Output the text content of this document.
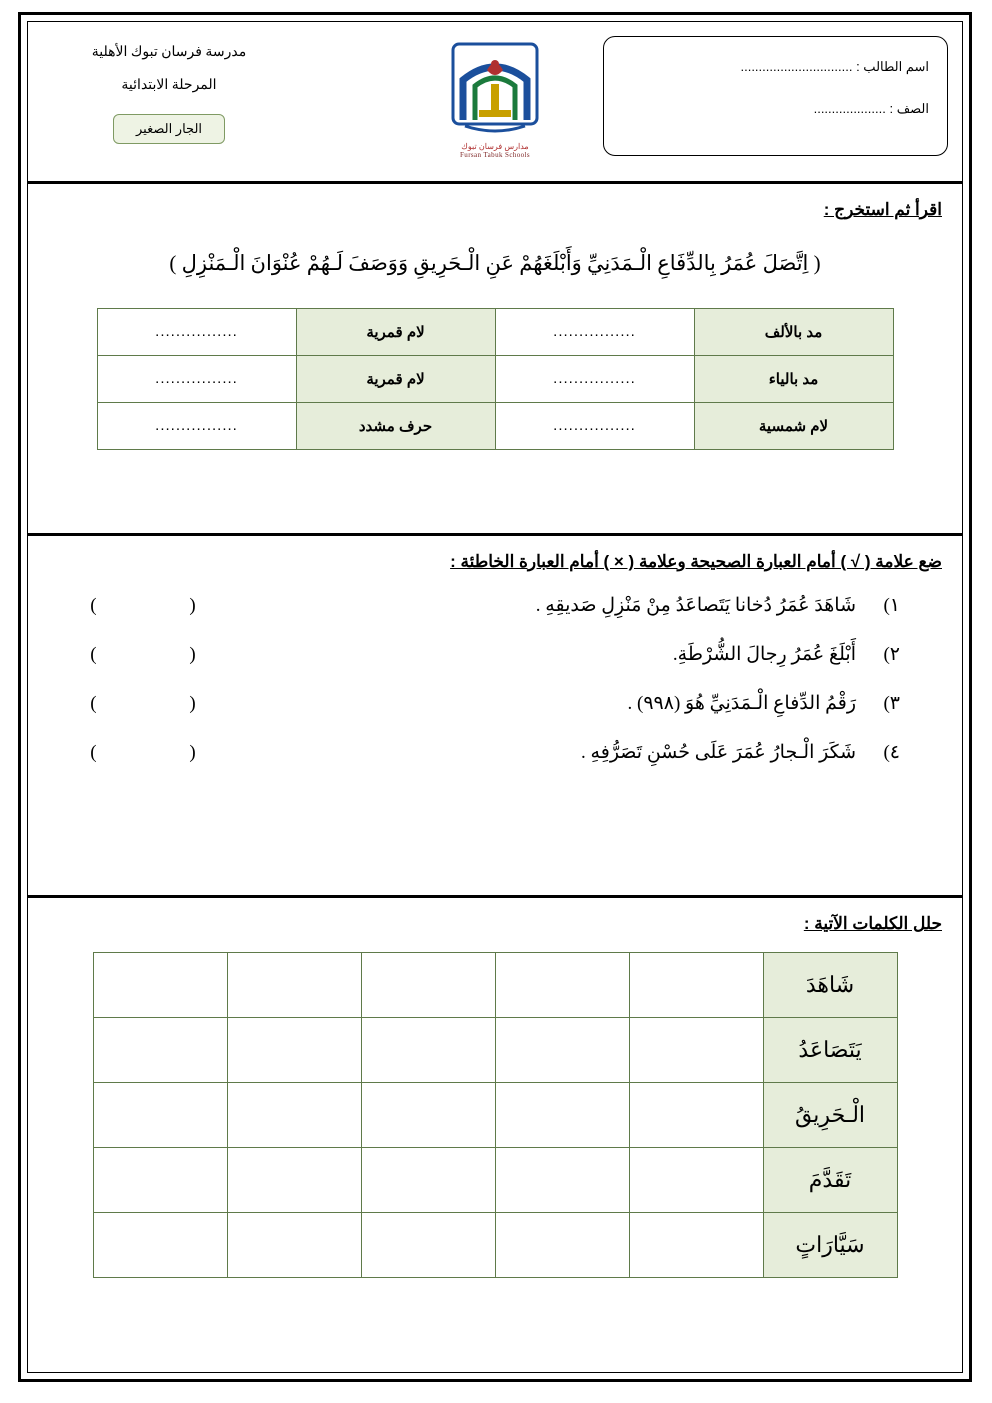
اسم الطالب : ...............................
الصف : ....................
مدارس فرسان تبوك
Fursan Tabuk Schools
مدرسة فرسان تبوك الأهلية
المرحلة الابتدائية
الجار الصغير
اقرأ ثم استخرج :
( اِتَّصَلَ عُمَرُ بِالدِّفَاعِ الْـمَدَنِيِّ وَأَبْلَغَهُمْ عَنِ الْـحَرِيقِ وَوَصَفَ لَـهُمْ عُنْوَانَ الْـمَنْزِلِ )
مد بالألف	................	لام قمرية	................
مد بالياء	................	لام قمرية	................
لام شمسية	................	حرف مشدد	................
ضع علامة ( √ ) أمام العبارة الصحيحة وعلامة ( × ) أمام العبارة الخاطئة :
١)
شَاهَدَ عُمَرُ دُخانا يَتَصاعَدُ مِنْ مَنْزِلِ صَديقِهِ .
( )
٢)
أَبْلَغَ عُمَرُ رِجالَ الشُّرْطَةِ.
( )
٣)
رَقْمُ الدِّفاعِ الْـمَدَنِيِّ هُوَ (٩٩٨) .
( )
٤)
شَكَرَ الْـجارُ عُمَرَ عَلَى حُسْنِ تَصَرُّفِهِ .
( )
حلل الكلمات الآتية :
شَاهَدَ					
يَتَصَاعَدُ					
الْـحَرِيقُ					
تَقَدَّمَ					
سَيَّارَاتٍ					
